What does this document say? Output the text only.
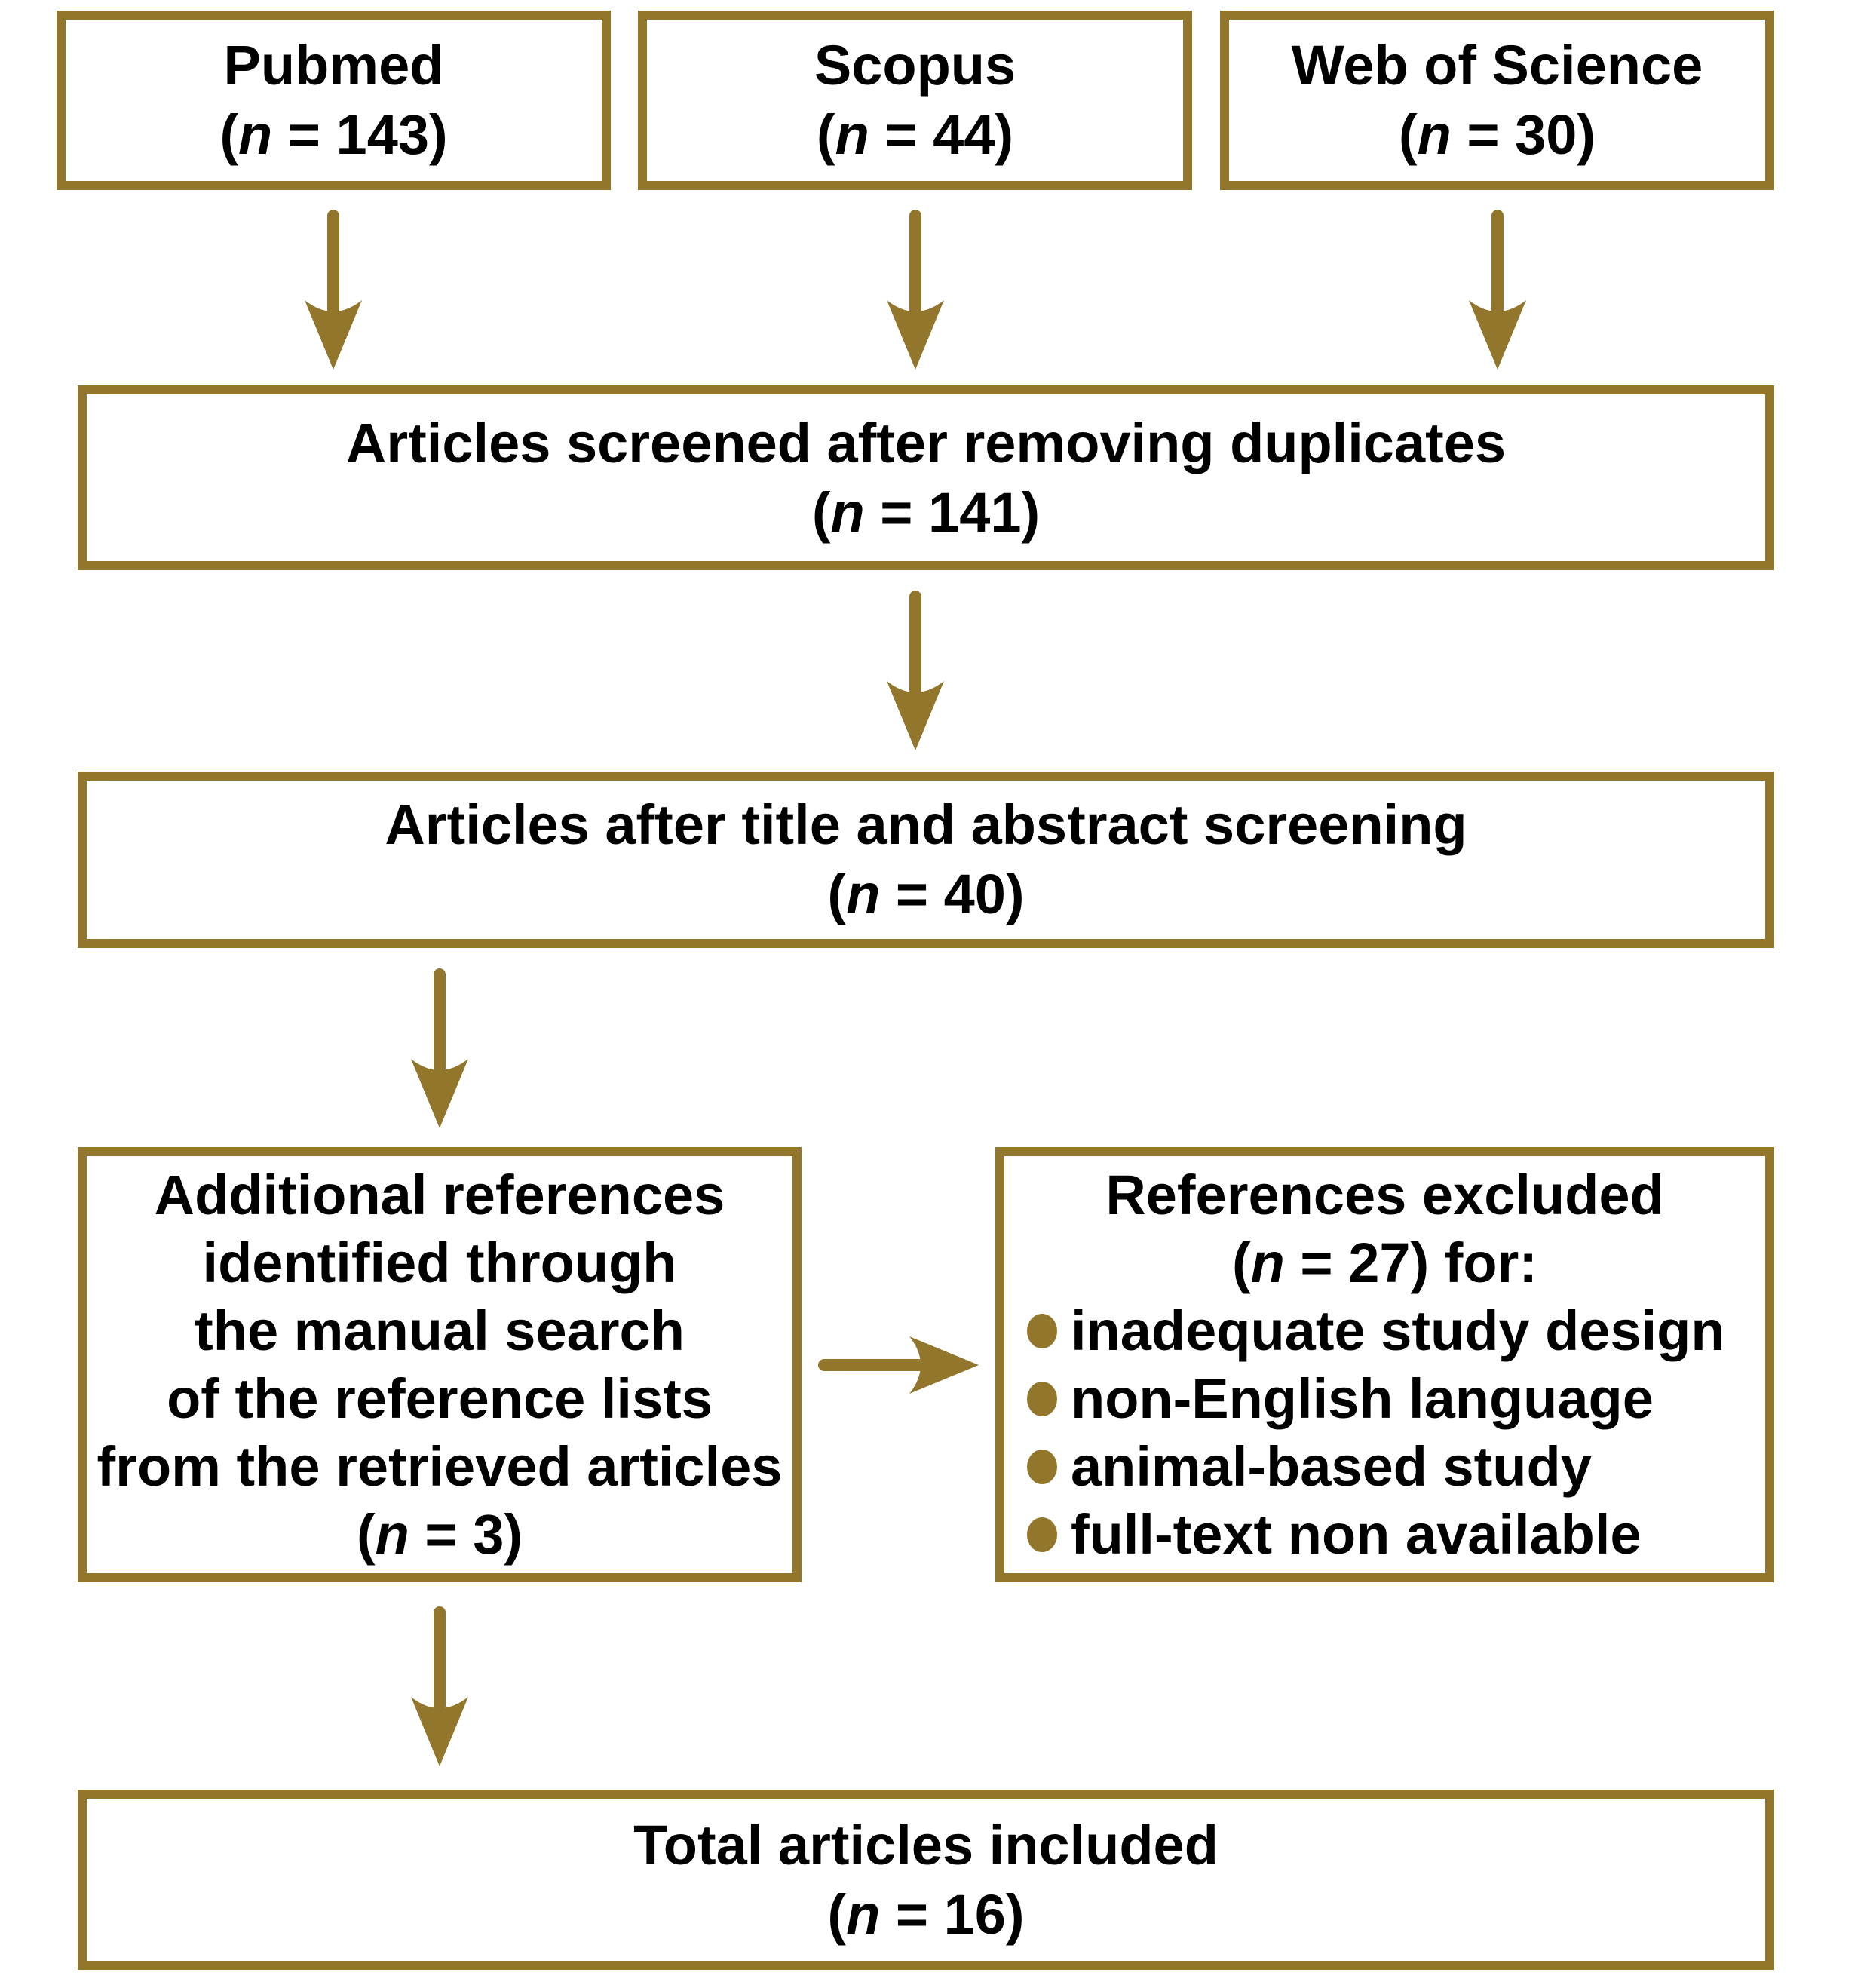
Pubmed
(n = 143)
Scopus
(n = 44)
Web of Science
(n = 30)
Articles screened after removing duplicates
(n = 141)
Articles after title and abstract screening
(n = 40)
Additional references
identified through
the manual search
of the reference lists
from the retrieved articles
(n = 3)
References excluded
(n = 27) for:
inadequate study design
non-English language
animal-based study
full-text non available
Total articles included
(n = 16)
